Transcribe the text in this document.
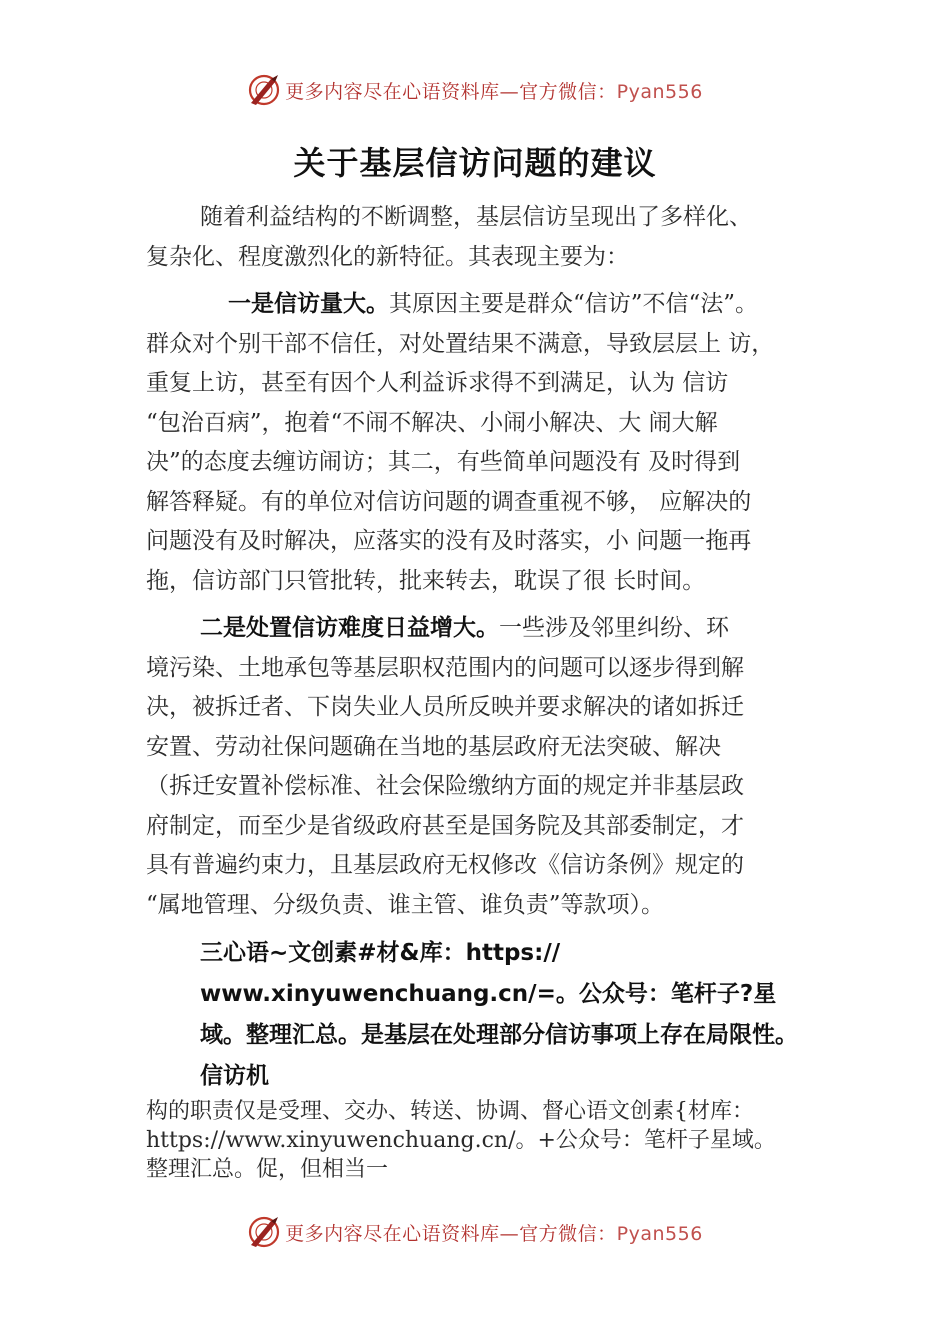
更多内容尽在心语资料库—官方微信：Pyan556
关于基层信访问题的建议
随着利益结构的不断调整，基层信访呈现出了多样化、
复杂化、程度激烈化的新特征。其表现主要为：
一是信访量大。其原因主要是群众“信访”不信“法”。
群众对个别干部不信任，对处置结果不满意，导致层层上 访，
重复上访，甚至有因个人利益诉求得不到满足，认为 信访
“包治百病”，抱着“不闹不解决、小闹小解决、大 闹大解
决”的态度去缠访闹访；其二，有些简单问题没有 及时得到
解答释疑。有的单位对信访问题的调查重视不够， 应解决的
问题没有及时解决，应落实的没有及时落实，小 问题一拖再
拖，信访部门只管批转，批来转去，耽误了很 长时间。
二是处置信访难度日益增大。一些涉及邻里纠纷、环
境污染、土地承包等基层职权范围内的问题可以逐步得到解
决，被拆迁者、下岗失业人员所反映并要求解决的诸如拆迁
安置、劳动社保问题确在当地的基层政府无法突破、解决
（拆迁安置补偿标准、社会保险缴纳方面的规定并非基层政
府制定，而至少是省级政府甚至是国务院及其部委制定，才
具有普遍约束力，且基层政府无权修改《信访条例》规定的
“属地管理、分级负责、谁主管、谁负责”等款项）。
三心语~文创素#材&库：https://
www.xinyuwenchuang.cn/=。公众号：笔杆子?星
域。整理汇总。是基层在处理部分信访事项上存在局限性。
信访机
构的职责仅是受理、交办、转送、协调、督心语文创素{材库：
https://www.xinyuwenchuang.cn/。+公众号：笔杆子星域。
整理汇总。促，但相当一
更多内容尽在心语资料库—官方微信：Pyan556
